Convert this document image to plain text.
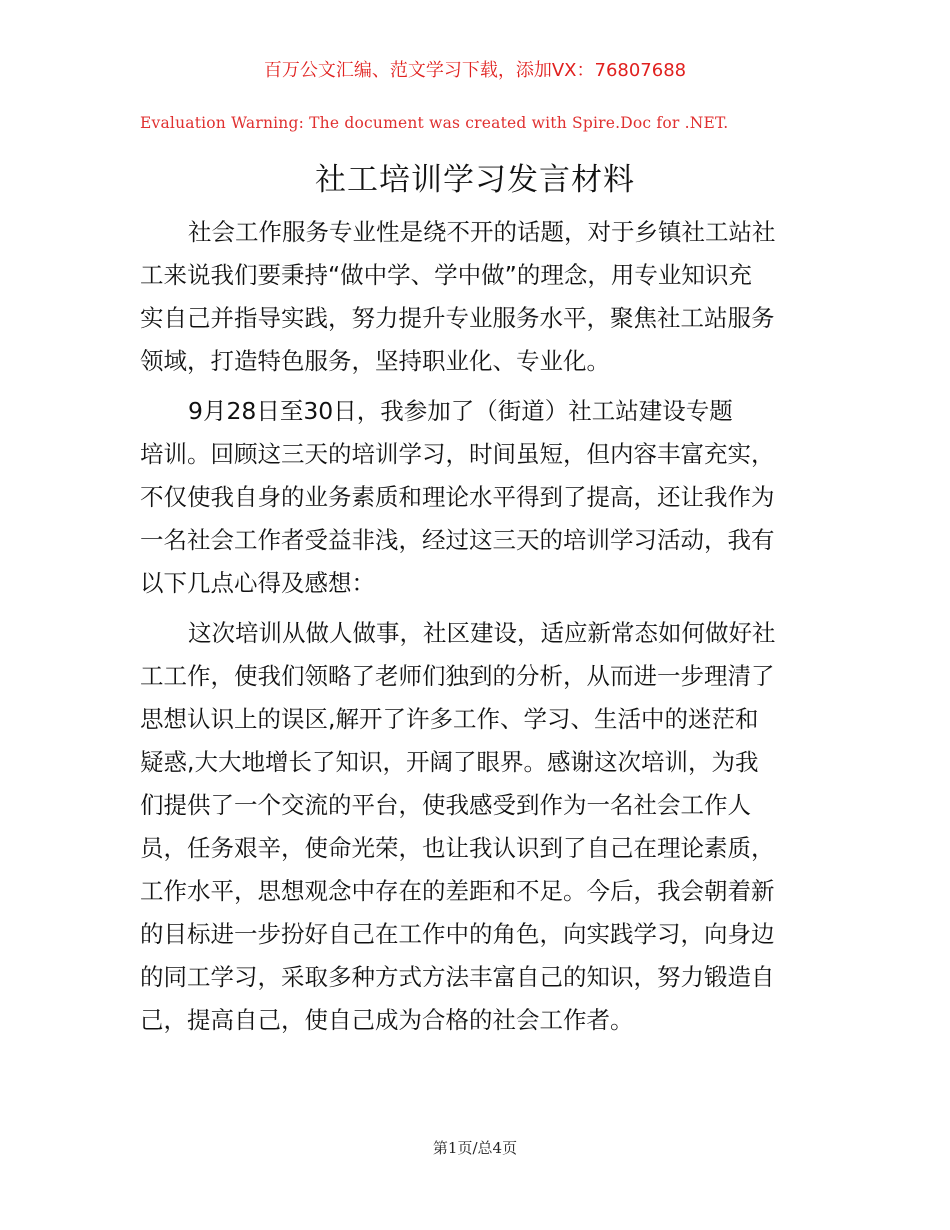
百万公文汇编、范文学习下载，添加VX：76807688
Evaluation Warning: The document was created with Spire.Doc for .NET.
社工培训学习发言材料
社会工作服务专业性是绕不开的话题，对于乡镇社工站社
工来说我们要秉持“做中学、学中做”的理念，用专业知识充
实自己并指导实践，努力提升专业服务水平，聚焦社工站服务
领域，打造特色服务，坚持职业化、专业化。
9月28日至30日，我参加了（街道）社工站建设专题
培训。回顾这三天的培训学习，时间虽短，但内容丰富充实，
不仅使我自身的业务素质和理论水平得到了提高，还让我作为
一名社会工作者受益非浅，经过这三天的培训学习活动，我有
以下几点心得及感想：
这次培训从做人做事，社区建设，适应新常态如何做好社
工工作，使我们领略了老师们独到的分析，从而进一步理清了
思想认识上的误区,解开了许多工作、学习、生活中的迷茫和
疑惑,大大地增长了知识，开阔了眼界。感谢这次培训，为我
们提供了一个交流的平台，使我感受到作为一名社会工作人
员，任务艰辛，使命光荣，也让我认识到了自己在理论素质，
工作水平，思想观念中存在的差距和不足。今后，我会朝着新
的目标进一步扮好自己在工作中的角色，向实践学习，向身边
的同工学习，采取多种方式方法丰富自己的知识，努力锻造自
己，提高自己，使自己成为合格的社会工作者。
第1页/总4页
